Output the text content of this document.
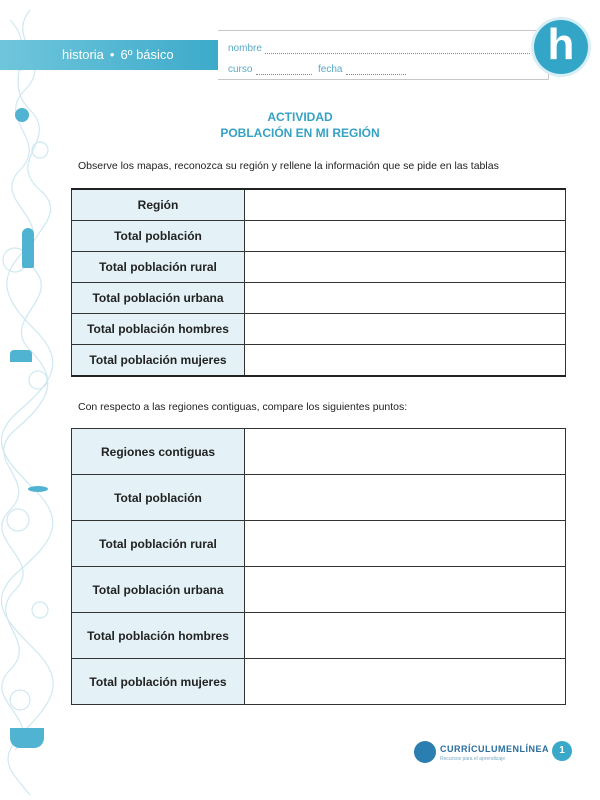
historia • 6º básico	nombre
curso	fecha
h
ACTIVIDAD
POBLACIÓN EN MI REGIÓN
Observe los mapas, reconozca su región y rellene la información que se pide en las tablas
Región	
Total población	
Total población rural	
Total población urbana	
Total población hombres	
Total población mujeres	
Con respecto a las regiones contiguas, compare los siguientes puntos:
Regiones contiguas	
Total población	
Total población rural	
Total población urbana	
Total población hombres	
Total población mujeres	
CURRÍCULUMENLÍNEA
Recursos para el aprendizaje
1
